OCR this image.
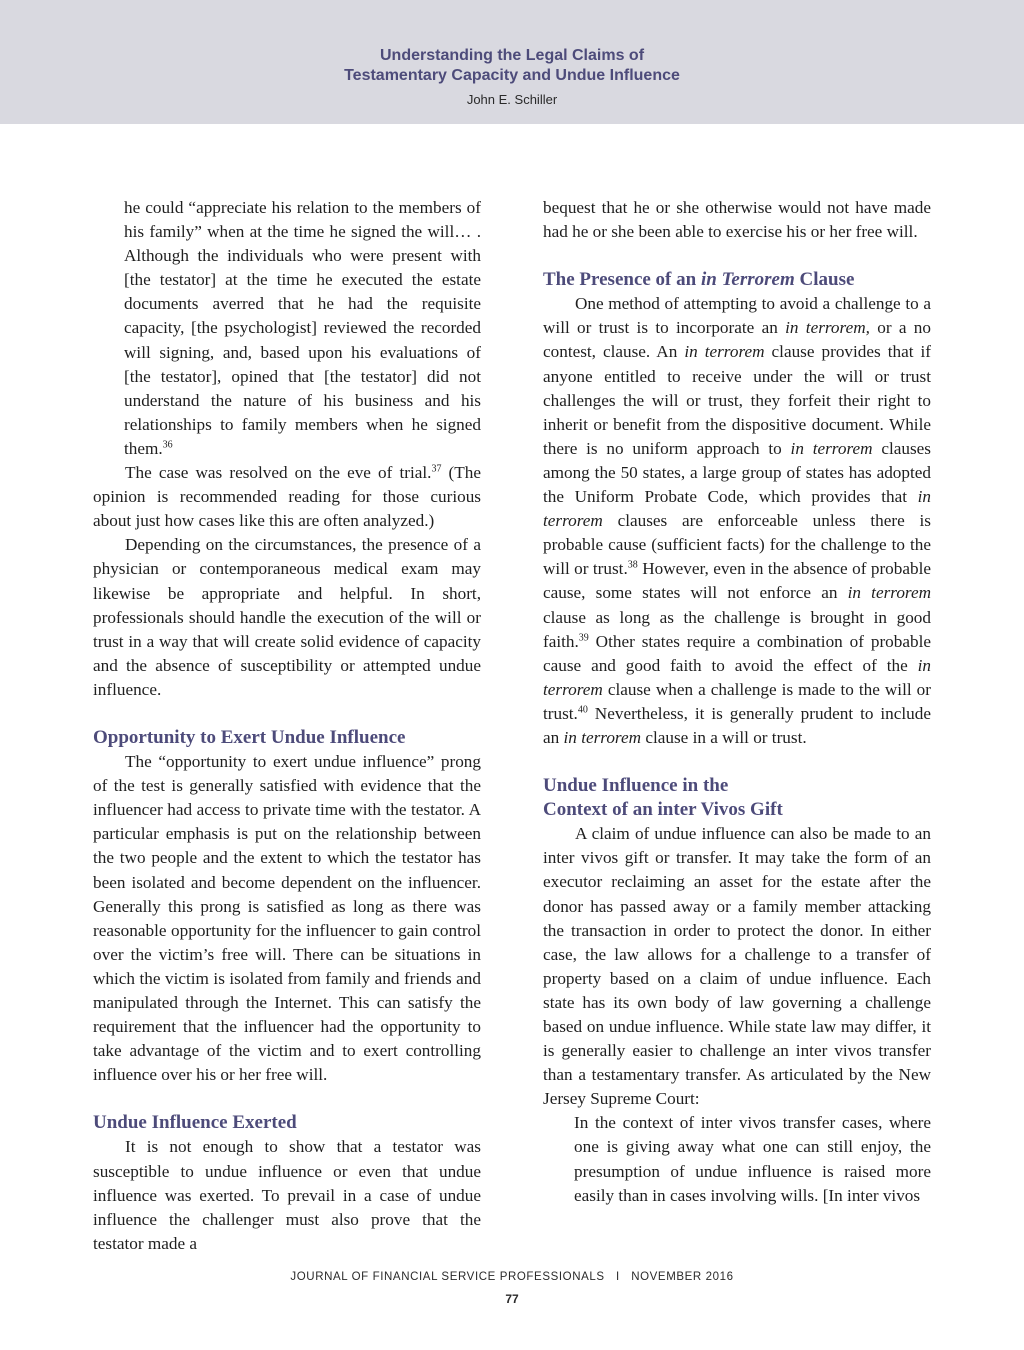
Understanding the Legal Claims of
Testamentary Capacity and Undue Influence
John E. Schiller

he could “appreciate his relation to the members of his family” when at the time he signed the will… . Although the individuals who were present with [the testator] at the time he executed the estate documents averred that he had the requisite capacity, [the psychologist] reviewed the recorded will signing, and, based upon his evaluations of [the testator], opined that [the testator] did not understand the nature of his business and his relationships to family members when he signed them.$^{36}$

The case was resolved on the eve of trial.$^{37}$ (The opinion is recommended reading for those curious about just how cases like this are often analyzed.)

Depending on the circumstances, the presence of a physician or contemporaneous medical exam may likewise be appropriate and helpful. In short, professionals should handle the execution of the will or trust in a way that will create solid evidence of capacity and the absence of susceptibility or attempted undue influence.

Opportunity to Exert Undue Influence

The “opportunity to exert undue influence” prong of the test is generally satisfied with evidence that the influencer had access to private time with the testator. A particular emphasis is put on the relationship between the two people and the extent to which the testator has been isolated and become dependent on the influencer. Generally this prong is satisfied as long as there was reasonable opportunity for the influencer to gain control over the victim’s free will. There can be situations in which the victim is isolated from family and friends and manipulated through the Internet. This can satisfy the requirement that the influencer had the opportunity to take advantage of the victim and to exert controlling influence over his or her free will.

Undue Influence Exerted

It is not enough to show that a testator was susceptible to undue influence or even that undue influence was exerted. To prevail in a case of undue influence the challenger must also prove that the testator made a

bequest that he or she otherwise would not have made had he or she been able to exercise his or her free will.

The Presence of an in Terrorem Clause

One method of attempting to avoid a challenge to a will or trust is to incorporate an in terrorem, or a no contest, clause. An in terrorem clause provides that if anyone entitled to receive under the will or trust challenges the will or trust, they forfeit their right to inherit or benefit from the dispositive document. While there is no uniform approach to in terrorem clauses among the 50 states, a large group of states has adopted the Uniform Probate Code, which provides that in terrorem clauses are enforceable unless there is probable cause (sufficient facts) for the challenge to the will or trust.$^{38}$ However, even in the absence of probable cause, some states will not enforce an in terrorem clause as long as the challenge is brought in good faith.$^{39}$ Other states require a combination of probable cause and good faith to avoid the effect of the in terrorem clause when a challenge is made to the will or trust.$^{40}$ Nevertheless, it is generally prudent to include an in terrorem clause in a will or trust.

Undue Influence in the
Context of an inter Vivos Gift

A claim of undue influence can also be made to an inter vivos gift or transfer. It may take the form of an executor reclaiming an asset for the estate after the donor has passed away or a family member attacking the transaction in order to protect the donor. In either case, the law allows for a challenge to a transfer of property based on a claim of undue influence. Each state has its own body of law governing a challenge based on undue influence. While state law may differ, it is generally easier to challenge an inter vivos transfer than a testamentary transfer. As articulated by the New Jersey Supreme Court:

In the context of inter vivos transfer cases, where one is giving away what one can still enjoy, the presumption of undue influence is raised more easily than in cases involving wills. [In inter vivos

JOURNAL OF FINANCIAL SERVICE PROFESSIONALS   I   NOVEMBER 2016
77
